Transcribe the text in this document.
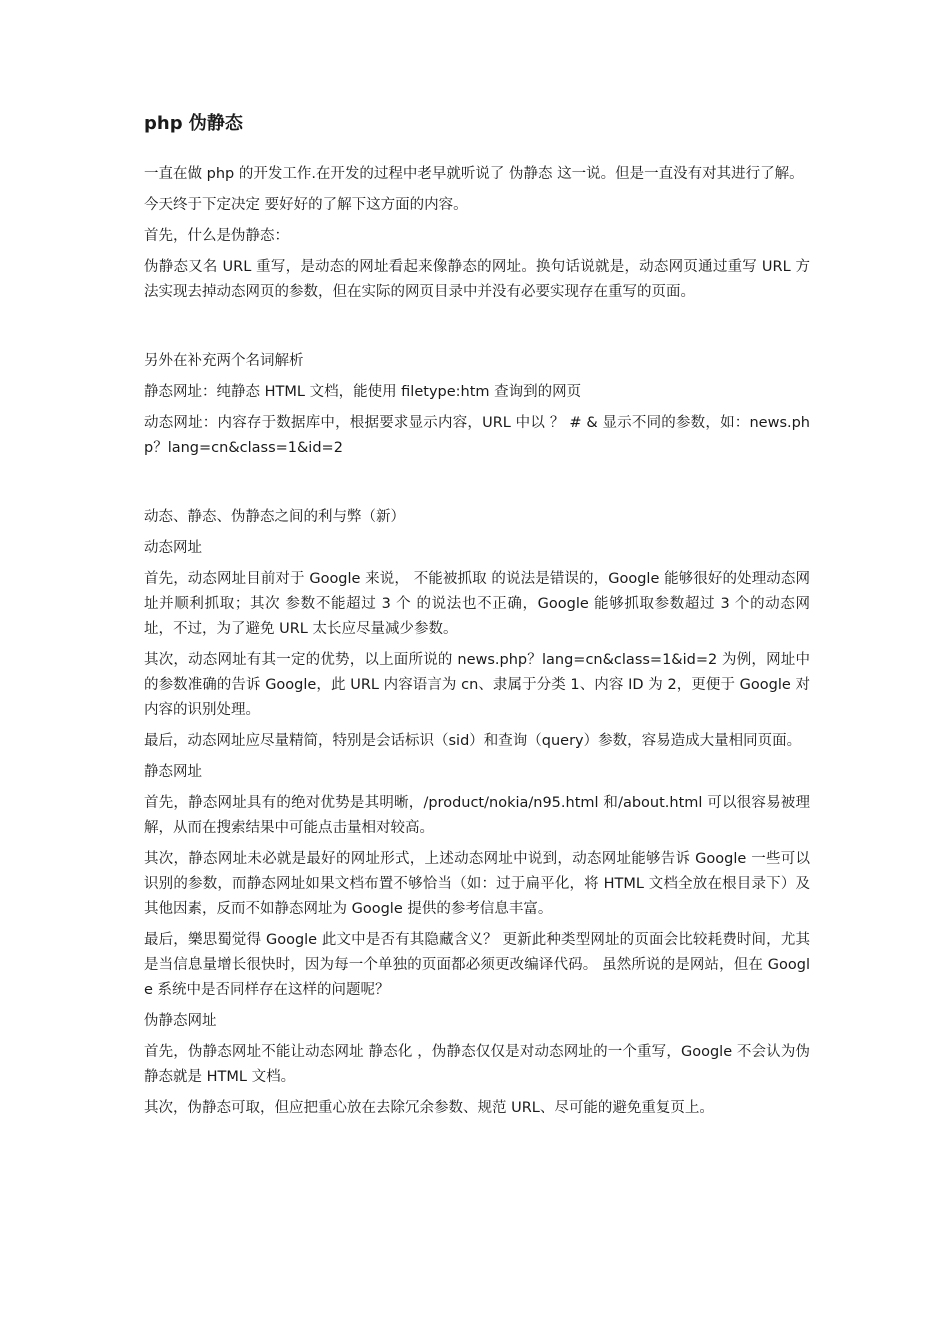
php 伪静态

一直在做 php 的开发工作.在开发的过程中老早就听说了 伪静态 这一说。但是一直没有对其进行了解。

今天终于下定决定 要好好的了解下这方面的内容。

首先，什么是伪静态：

伪静态又名 URL 重写，是动态的网址看起来像静态的网址。换句话说就是，动态网页通过重写 URL 方法实现去掉动态网页的参数，但在实际的网页目录中并没有必要实现存在重写的页面。

另外在补充两个名词解析

静态网址：纯静态 HTML 文档，能使用 filetype:htm 查询到的网页

动态网址：内容存于数据库中，根据要求显示内容，URL 中以 ？ # & 显示不同的参数，如：news.php？lang=cn&class=1&id=2

动态、静态、伪静态之间的利与弊（新）

动态网址

首先，动态网址目前对于 Google 来说， 不能被抓取 的说法是错误的，Google 能够很好的处理动态网址并顺利抓取；其次 参数不能超过 3 个 的说法也不正确，Google 能够抓取参数超过 3 个的动态网址，不过，为了避免 URL 太长应尽量减少参数。

其次，动态网址有其一定的优势，以上面所说的 news.php？lang=cn&class=1&id=2 为例，网址中的参数准确的告诉 Google，此 URL 内容语言为 cn、隶属于分类 1、内容 ID 为 2，更便于 Google 对内容的识别处理。

最后，动态网址应尽量精简，特别是会话标识（sid）和查询（query）参数，容易造成大量相同页面。

静态网址

首先，静态网址具有的绝对优势是其明晰，/product/nokia/n95.html 和/about.html 可以很容易被理解，从而在搜索结果中可能点击量相对较高。

其次，静态网址未必就是最好的网址形式，上述动态网址中说到，动态网址能够告诉 Google 一些可以识别的参数，而静态网址如果文档布置不够恰当（如：过于扁平化，将 HTML 文档全放在根目录下）及其他因素，反而不如静态网址为 Google 提供的参考信息丰富。

最后，樂思蜀觉得 Google 此文中是否有其隐藏含义？ 更新此种类型网址的页面会比较耗费时间，尤其是当信息量增长很快时，因为每一个单独的页面都必须更改编译代码。 虽然所说的是网站，但在 Google 系统中是否同样存在这样的问题呢？

伪静态网址

首先，伪静态网址不能让动态网址 静态化 ，伪静态仅仅是对动态网址的一个重写，Google 不会认为伪静态就是 HTML 文档。

其次，伪静态可取，但应把重心放在去除冗余参数、规范 URL、尽可能的避免重复页上。
